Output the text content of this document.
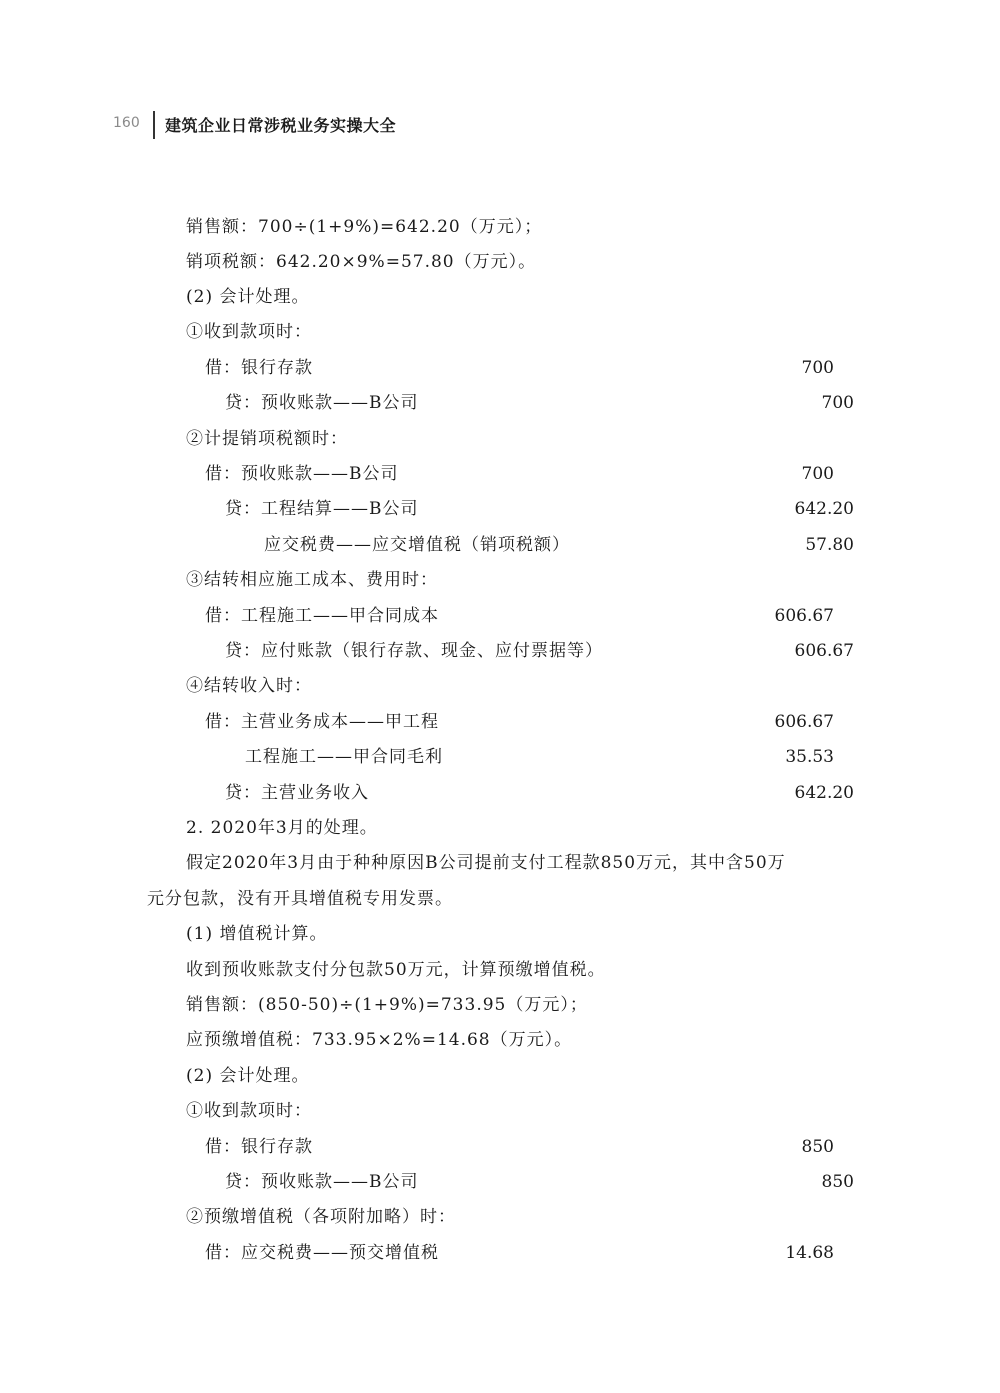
160 建筑企业日常涉税业务实操大全
销售额：700÷(1+9%)=642.20（万元）；
销项税额：642.20×9%=57.80（万元）。
(2) 会计处理。
①收到款项时：
借：银行存款	700
贷：预收账款——B公司	700
②计提销项税额时：
借：预收账款——B公司	700
贷：工程结算——B公司	642.20
应交税费——应交增值税（销项税额）	57.80
③结转相应施工成本、费用时：
借：工程施工——甲合同成本	606.67
贷：应付账款（银行存款、现金、应付票据等）	606.67
④结转收入时：
借：主营业务成本——甲工程	606.67
工程施工——甲合同毛利	35.53
贷：主营业务收入	642.20
2. 2020年3月的处理。
假定2020年3月由于种种原因B公司提前支付工程款850万元，其中含50万
元分包款，没有开具增值税专用发票。
(1) 增值税计算。
收到预收账款支付分包款50万元，计算预缴增值税。
销售额：(850-50)÷(1+9%)=733.95（万元）；
应预缴增值税：733.95×2%=14.68（万元）。
(2) 会计处理。
①收到款项时：
借：银行存款	850
贷：预收账款——B公司	850
②预缴增值税（各项附加略）时：
借：应交税费——预交增值税	14.68
